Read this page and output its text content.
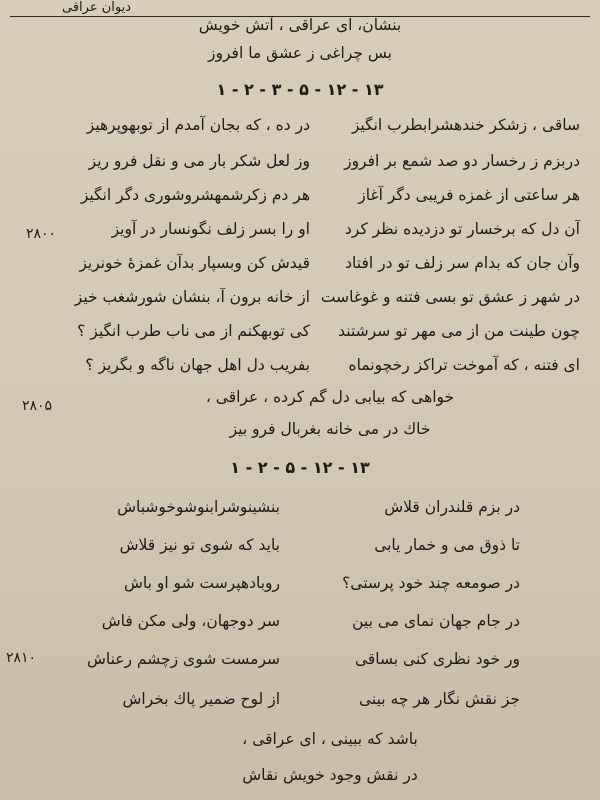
دیوان عراقی
بنشان، ای عراقی ، آتش خویش
بس چراغی ز عشق ما افروز
۱ - ۲ - ۳ - ۵ - ۱۲ - ۱۳
ساقی ، زشکر خندهشرابطرب انگیز
در ده ، که بجان آمدم از توبهوپرهیز
دربزم ز رخسار دو صد شمع بر افروز
وز لعل شکر بار می و نقل فرو ریز
هر ساعتی از غمزه فریبی دگر آغاز
هر دم زکرشمهشروشوری دگر انگیز
آن دل که برخسار تو دزدیده نظر کرد
او را بسر زلف نگونسار در آویز
وآن جان که بدام سر زلف تو در افتاد
قیدش کن وبسپار بدآن غمزهٔ خونریز
در شهر ز عشق تو بسی فتنه و غوغاست
از خانه برون آ، بنشان شورشغب خیز
چون طینت من از می مهر تو سرشتند
کی توبهکنم از می ناب طرب انگیز ؟
ای فتنه ، که آموخت تراکز رخچونماه
بفریب دل اهل جهان ناگه و بگریز ؟
خواهی که بیابی دل گم کرده ، عراقی ،
خاك در می خانه بغربال فرو بیز
۱ - ۲ - ۵ - ۱۲ - ۱۳
در بزم قلندران قلاش
بنشینوشرابنوشوخوشباش
تا ذوق می و خمار یابی
باید که شوی تو نیز قلاش
در صومعه چند خود پرستی؟
روبادهپرست شو او باش
در جام جهان نمای می بین
سر دوجهان، ولی مکن فاش
ور خود نظری کنی بساقی
سرمست شوی زچشم رعناش
جز نقش نگار هر چه بینی
از لوح ضمیر پاك بخراش
باشد که ببینی ، ای عراقی ،
در نقش وجود خویش نقاش
۲۸۰۰
۲۸۰۵
۲۸۱۰
